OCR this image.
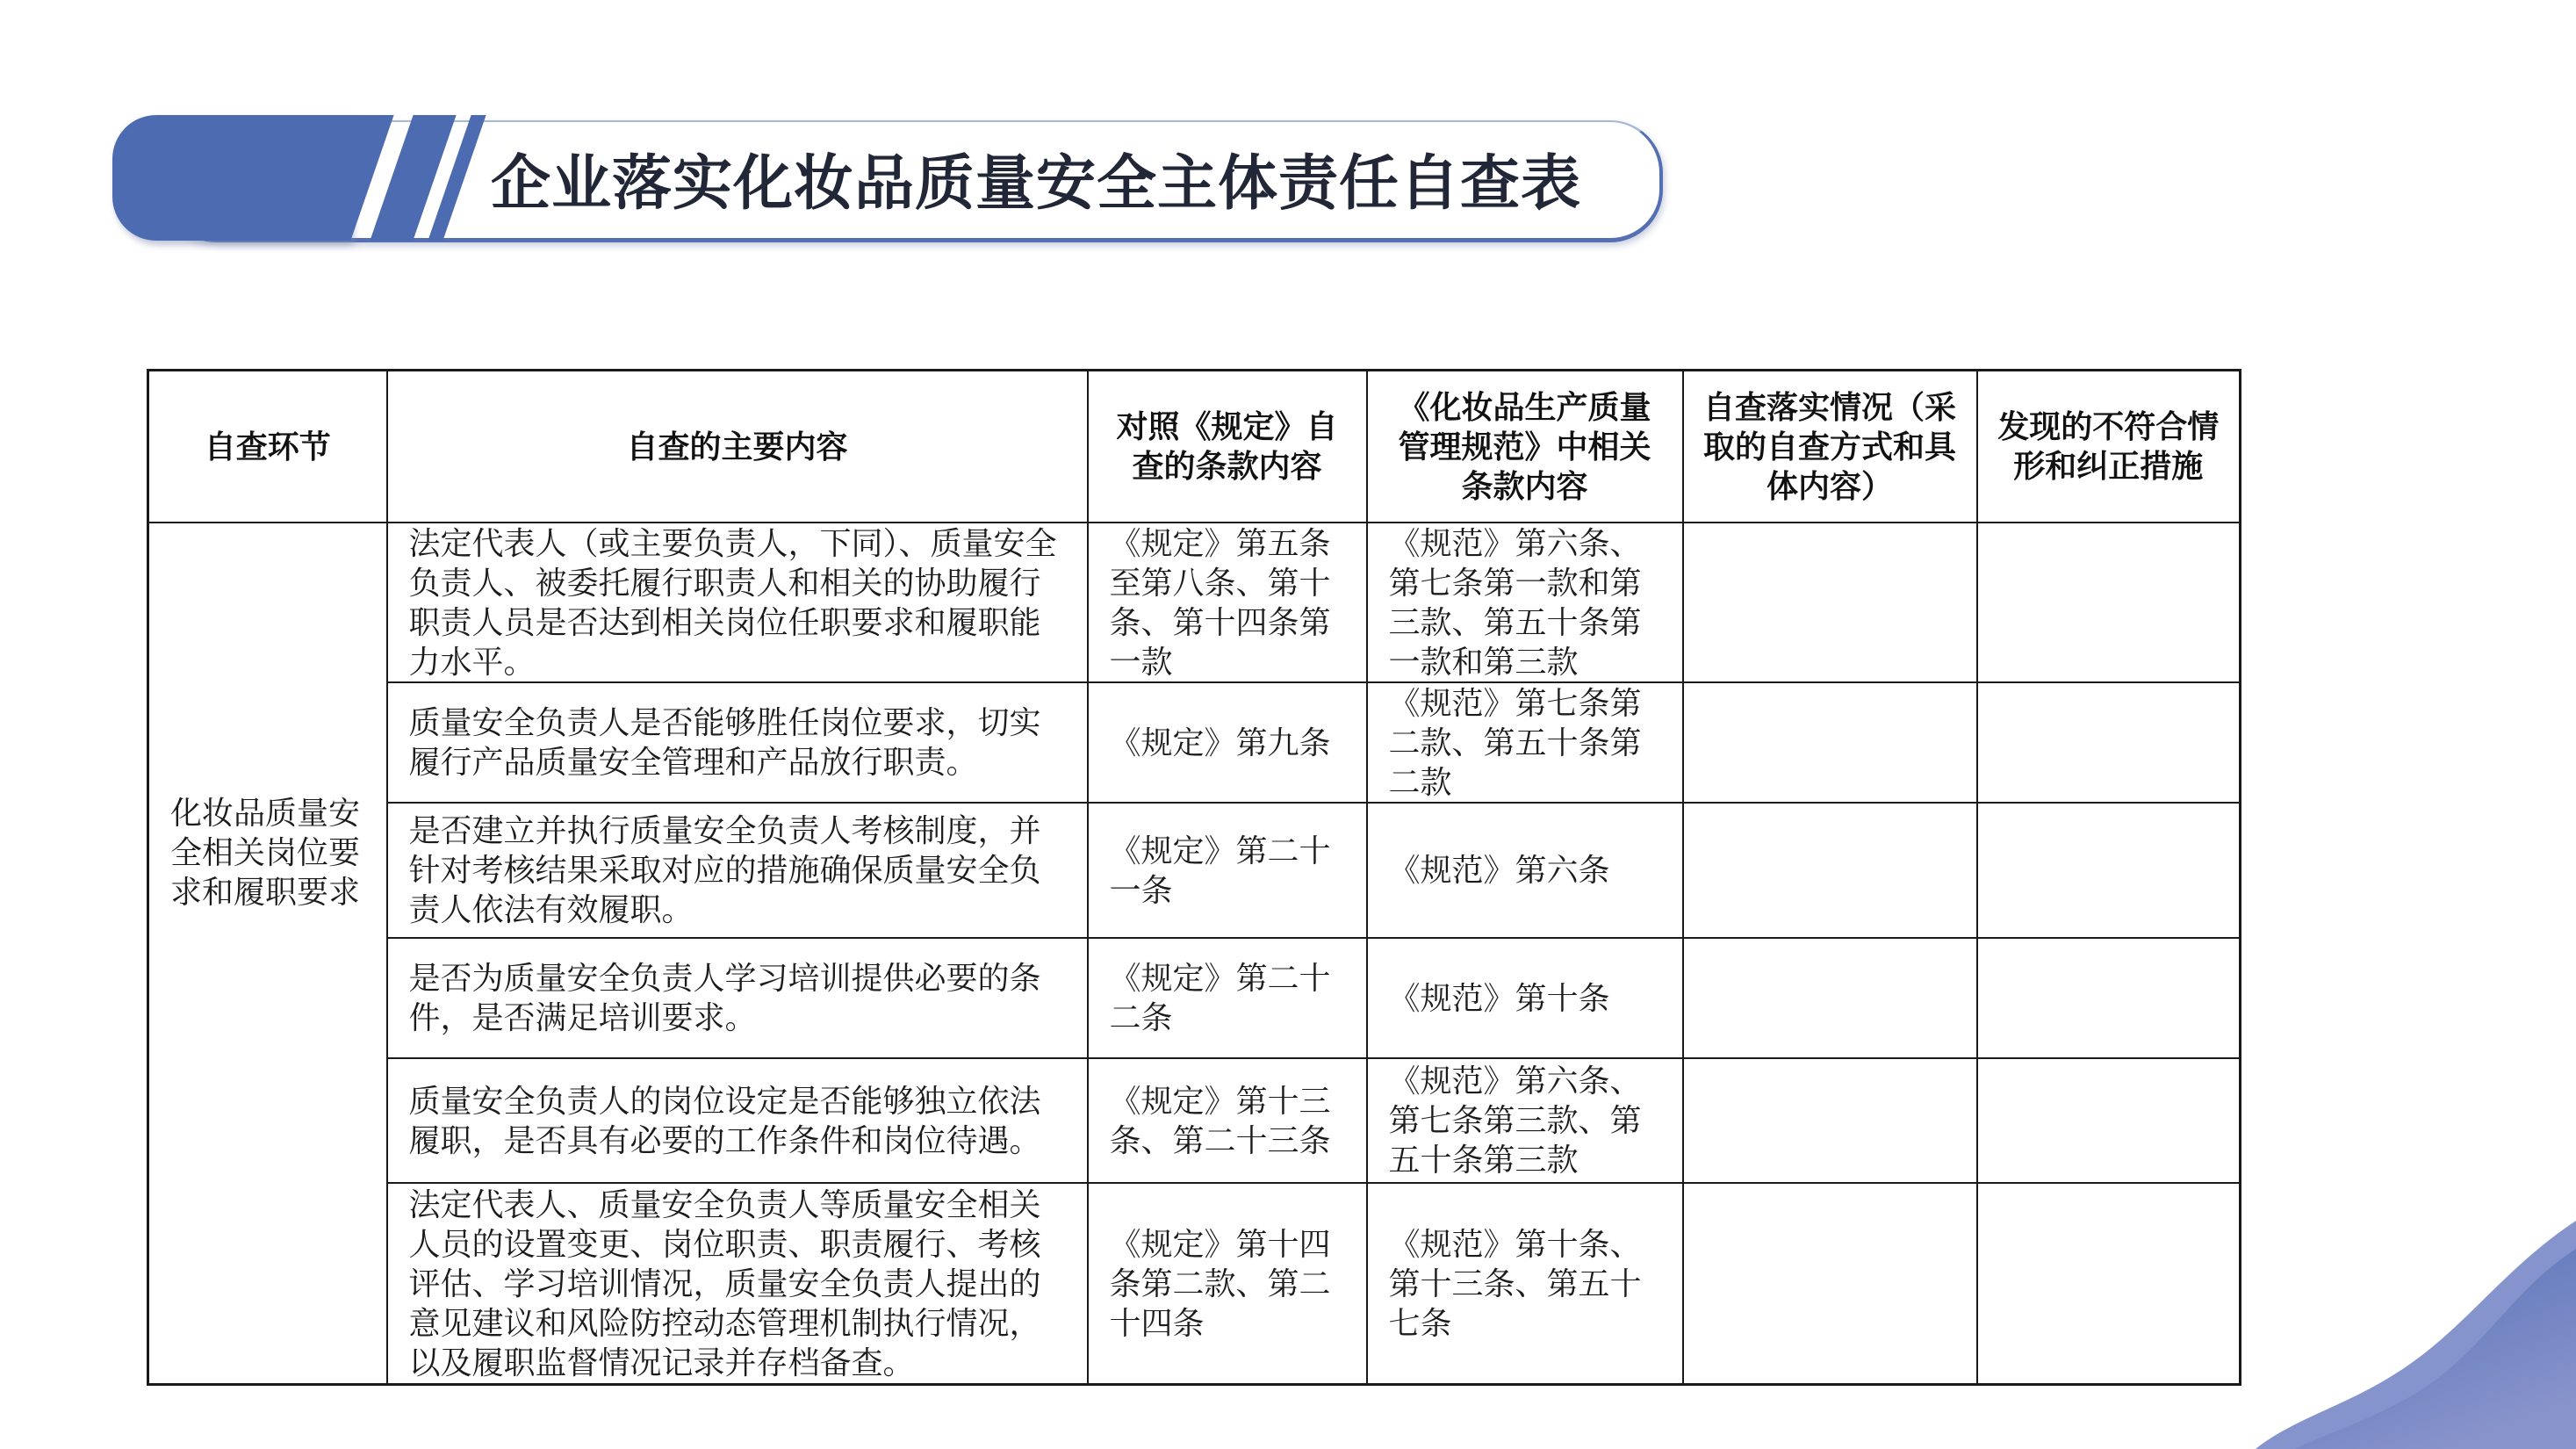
企业落实化妆品质量安全主体责任自查表
自查环节	自查的主要内容	对照《规定》自查的条款内容	《化妆品生产质量管理规范》中相关条款内容	自查落实情况（采取的自查方式和具体内容）	发现的不符合情形和纠正措施
化妆品质量安全相关岗位要求和履职要求	法定代表人（或主要负责人，下同）、质量安全负责人、被委托履行职责人和相关的协助履行职责人员是否达到相关岗位任职要求和履职能力水平。	《规定》第五条至第八条、第十条、第十四条第一款	《规范》第六条、第七条第一款和第三款、第五十条第一款和第三款		
	质量安全负责人是否能够胜任岗位要求，切实履行产品质量安全管理和产品放行职责。	《规定》第九条	《规范》第七条第二款、第五十条第二款		
	是否建立并执行质量安全负责人考核制度，并针对考核结果采取对应的措施确保质量安全负责人依法有效履职。	《规定》第二十一条	《规范》第六条		
	是否为质量安全负责人学习培训提供必要的条件，是否满足培训要求。	《规定》第二十二条	《规范》第十条		
	质量安全负责人的岗位设定是否能够独立依法履职，是否具有必要的工作条件和岗位待遇。	《规定》第十三条、第二十三条	《规范》第六条、第七条第三款、第五十条第三款		
	法定代表人、质量安全负责人等质量安全相关人员的设置变更、岗位职责、职责履行、考核评估、学习培训情况，质量安全负责人提出的意见建议和风险防控动态管理机制执行情况，以及履职监督情况记录并存档备查。	《规定》第十四条第二款、第二十四条	《规范》第十条、第十三条、第五十七条		
